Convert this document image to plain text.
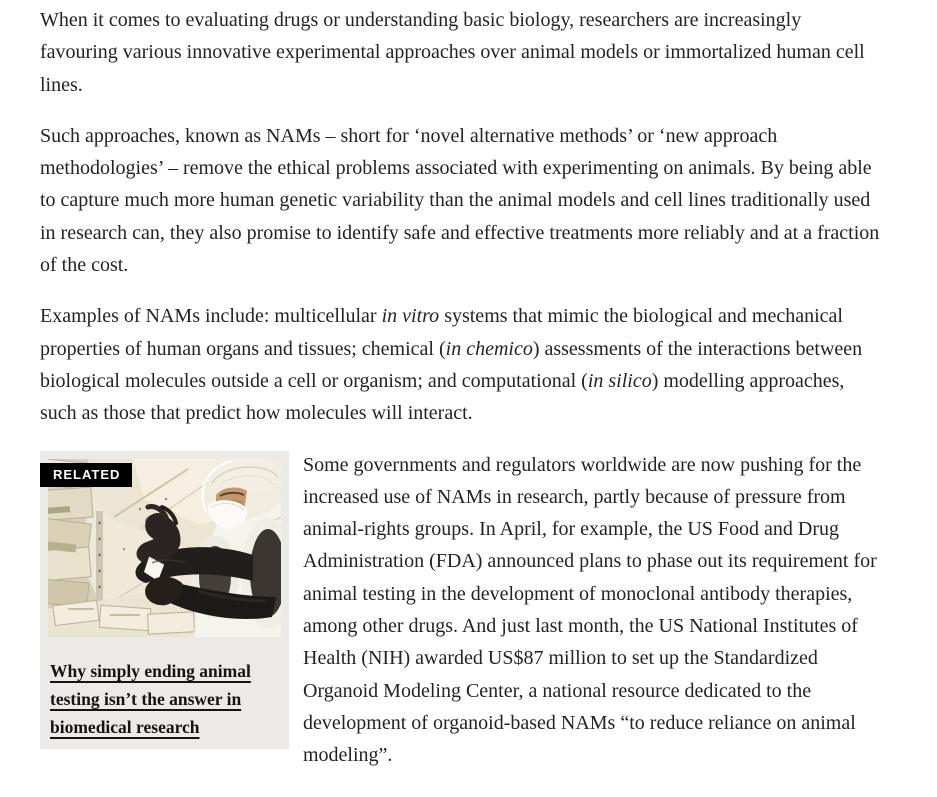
When it comes to evaluating drugs or understanding basic biology, researchers are increasingly favouring various innovative experimental approaches over animal models or immortalized human cell lines.

Such approaches, known as NAMs – short for ‘novel alternative methods’ or ‘new approach methodologies’ – remove the ethical problems associated with experimenting on animals. By being able to capture much more human genetic variability than the animal models and cell lines traditionally used in research can, they also promise to identify safe and effective treatments more reliably and at a fraction of the cost.

Examples of NAMs include: multicellular in vitro systems that mimic the biological and mechanical properties of human organs and tissues; chemical (in chemico) assessments of the interactions between biological molecules outside a cell or organism; and computational (in silico) modelling approaches, such as those that predict how molecules will interact.

RELATED
Why simply ending animal testing isn’t the answer in biomedical research

Some governments and regulators worldwide are now pushing for the increased use of NAMs in research, partly because of pressure from animal-rights groups. In April, for example, the US Food and Drug Administration (FDA) announced plans to phase out its requirement for animal testing in the development of monoclonal antibody therapies, among other drugs. And just last month, the US National Institutes of Health (NIH) awarded US$87 million to set up the Standardized Organoid Modeling Center, a national resource dedicated to the development of organoid-based NAMs “to reduce reliance on animal modeling”.
